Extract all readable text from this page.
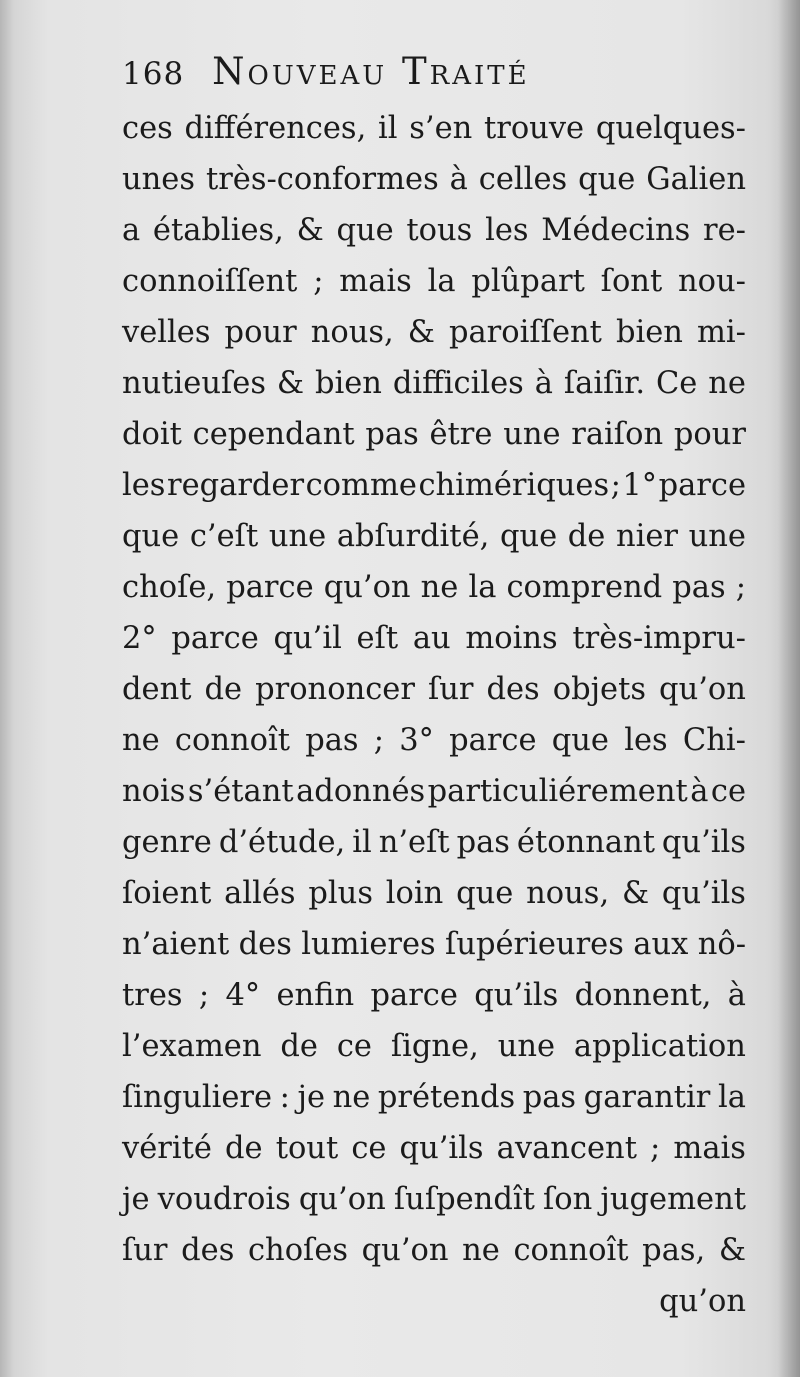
168 Nouveau Traité
ces différences, il s’en trouve quelques-
unes très-conformes à celles que Galien
a établies, & que tous les Médecins re-
connoiſſent ; mais la plûpart ſont nou-
velles pour nous, & paroiſſent bien mi-
nutieuſes & bien difficiles à ſaiſir. Ce ne
doit cependant pas être une raiſon pour
les regarder comme chimériques ; 1° parce
que c’eſt une abſurdité, que de nier une
choſe, parce qu’on ne la comprend pas ;
2° parce qu’il eſt au moins très-impru-
dent de prononcer ſur des objets qu’on
ne connoît pas ; 3° parce que les Chi-
nois s’étant adonnés particuliérement à ce
genre d’étude, il n’eſt pas étonnant qu’ils
ſoient allés plus loin que nous, & qu’ils
n’aient des lumieres ſupérieures aux nô-
tres ; 4° enfin parce qu’ils donnent, à
l’examen de ce ſigne, une application
ſinguliere : je ne prétends pas garantir la
vérité de tout ce qu’ils avancent ; mais
je voudrois qu’on ſuſpendît ſon jugement
ſur des choſes qu’on ne connoît pas, &
qu’on
